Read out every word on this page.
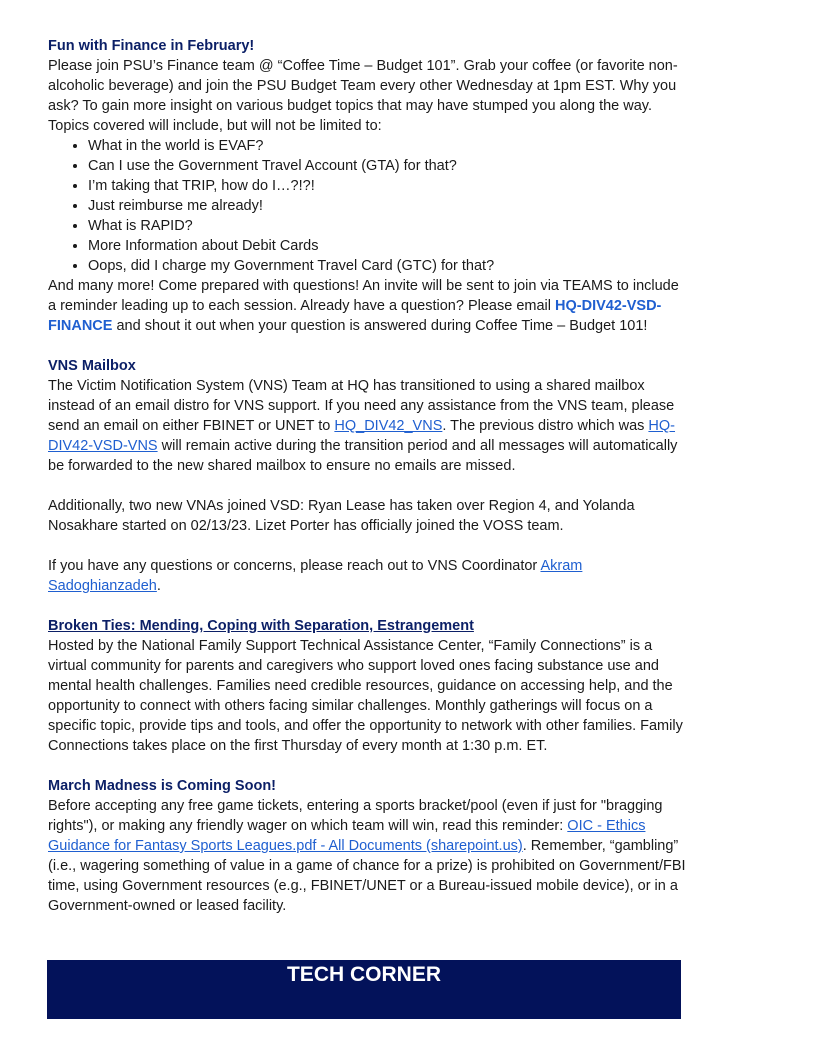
Fun with Finance in February!

Please join PSU’s Finance team @ “Coffee Time – Budget 101”. Grab your coffee (or favorite non-alcoholic beverage) and join the PSU Budget Team every other Wednesday at 1pm EST. Why you ask? To gain more insight on various budget topics that may have stumped you along the way. Topics covered will include, but will not be limited to:

• What in the world is EVAF?
• Can I use the Government Travel Account (GTA) for that?
• I’m taking that TRIP, how do I…?!?!
• Just reimburse me already!
• What is RAPID?
• More Information about Debit Cards
• Oops, did I charge my Government Travel Card (GTC) for that?

And many more! Come prepared with questions! An invite will be sent to join via TEAMS to include a reminder leading up to each session. Already have a question? Please email HQ-DIV42-VSD-FINANCE and shout it out when your question is answered during Coffee Time – Budget 101!

VNS Mailbox

The Victim Notification System (VNS) Team at HQ has transitioned to using a shared mailbox instead of an email distro for VNS support. If you need any assistance from the VNS team, please send an email on either FBINET or UNET to HQ_DIV42_VNS. The previous distro which was HQ-DIV42-VSD-VNS will remain active during the transition period and all messages will automatically be forwarded to the new shared mailbox to ensure no emails are missed.

Additionally, two new VNAs joined VSD: Ryan Lease has taken over Region 4, and Yolanda Nosakhare started on 02/13/23. Lizet Porter has officially joined the VOSS team.

If you have any questions or concerns, please reach out to VNS Coordinator Akram Sadoghianzadeh.

Broken Ties: Mending, Coping with Separation, Estrangement

Hosted by the National Family Support Technical Assistance Center, “Family Connections” is a virtual community for parents and caregivers who support loved ones facing substance use and mental health challenges. Families need credible resources, guidance on accessing help, and the opportunity to connect with others facing similar challenges. Monthly gatherings will focus on a specific topic, provide tips and tools, and offer the opportunity to network with other families. Family Connections takes place on the first Thursday of every month at 1:30 p.m. ET.

March Madness is Coming Soon!

Before accepting any free game tickets, entering a sports bracket/pool (even if just for "bragging rights"), or making any friendly wager on which team will win, read this reminder: OIC - Ethics Guidance for Fantasy Sports Leagues.pdf - All Documents (sharepoint.us). Remember, “gambling” (i.e., wagering something of value in a game of chance for a prize) is prohibited on Government/FBI time, using Government resources (e.g., FBINET/UNET or a Bureau-issued mobile device), or in a Government-owned or leased facility.

TECH CORNER
